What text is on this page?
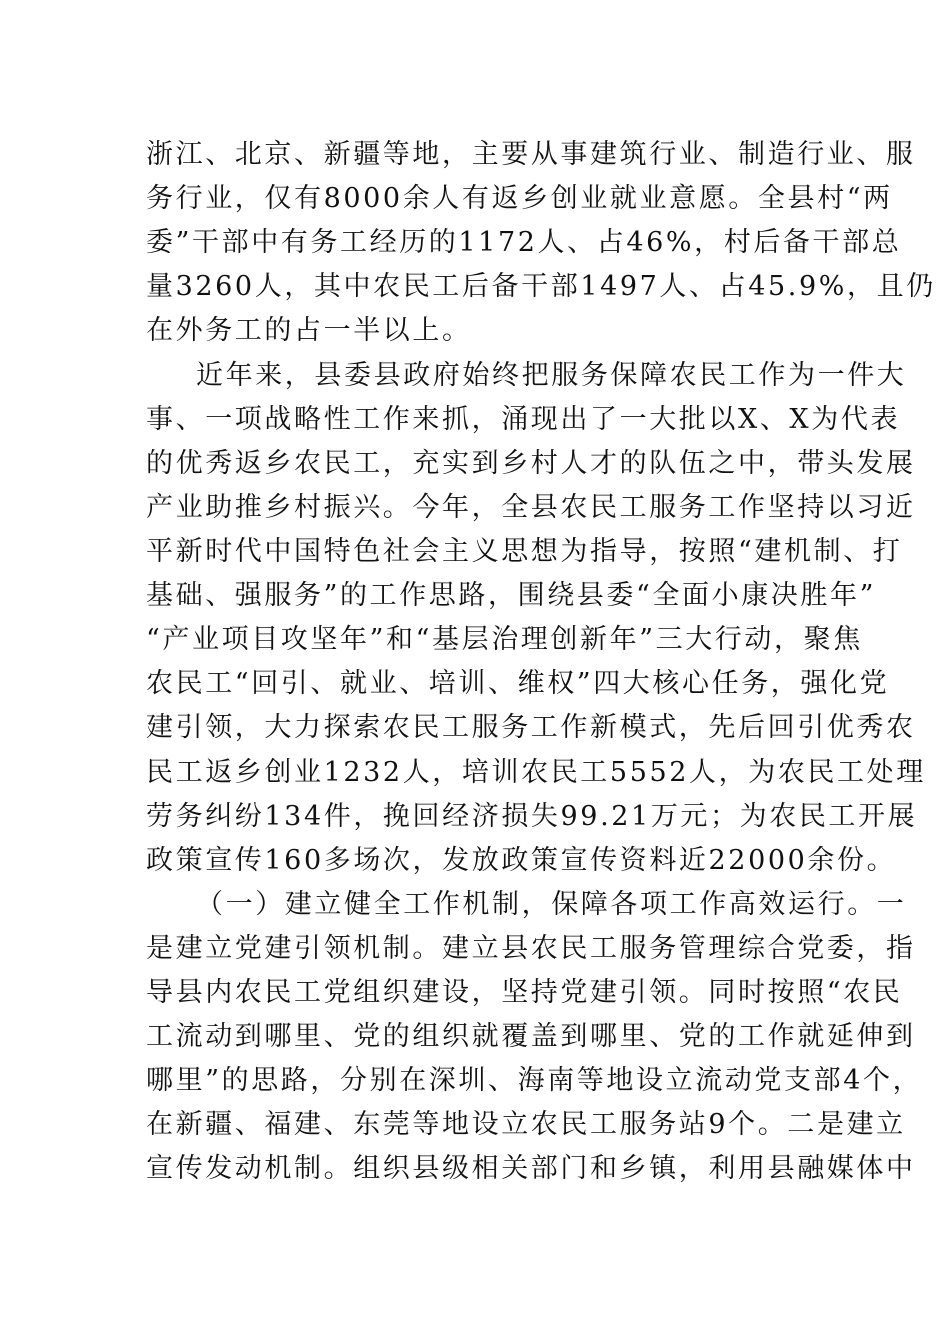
浙江、北京、新疆等地，主要从事建筑行业、制造行业、服
务行业，仅有8000余人有返乡创业就业意愿。全县村“两
委”干部中有务工经历的1172人、占46%，村后备干部总
量3260人，其中农民工后备干部1497人、占45.9%，且仍
在外务工的占一半以上。
近年来，县委县政府始终把服务保障农民工作为一件大
事、一项战略性工作来抓，涌现出了一大批以X、X为代表
的优秀返乡农民工，充实到乡村人才的队伍之中，带头发展
产业助推乡村振兴。今年，全县农民工服务工作坚持以习近
平新时代中国特色社会主义思想为指导，按照“建机制、打
基础、强服务”的工作思路，围绕县委“全面小康决胜年”
“产业项目攻坚年”和“基层治理创新年”三大行动，聚焦
农民工“回引、就业、培训、维权”四大核心任务，强化党
建引领，大力探索农民工服务工作新模式，先后回引优秀农
民工返乡创业1232人，培训农民工5552人，为农民工处理
劳务纠纷134件，挽回经济损失99.21万元；为农民工开展
政策宣传160多场次，发放政策宣传资料近22000余份。
（一）建立健全工作机制，保障各项工作高效运行。一
是建立党建引领机制。建立县农民工服务管理综合党委，指
导县内农民工党组织建设，坚持党建引领。同时按照“农民
工流动到哪里、党的组织就覆盖到哪里、党的工作就延伸到
哪里”的思路，分别在深圳、海南等地设立流动党支部4个，
在新疆、福建、东莞等地设立农民工服务站9个。二是建立
宣传发动机制。组织县级相关部门和乡镇，利用县融媒体中
